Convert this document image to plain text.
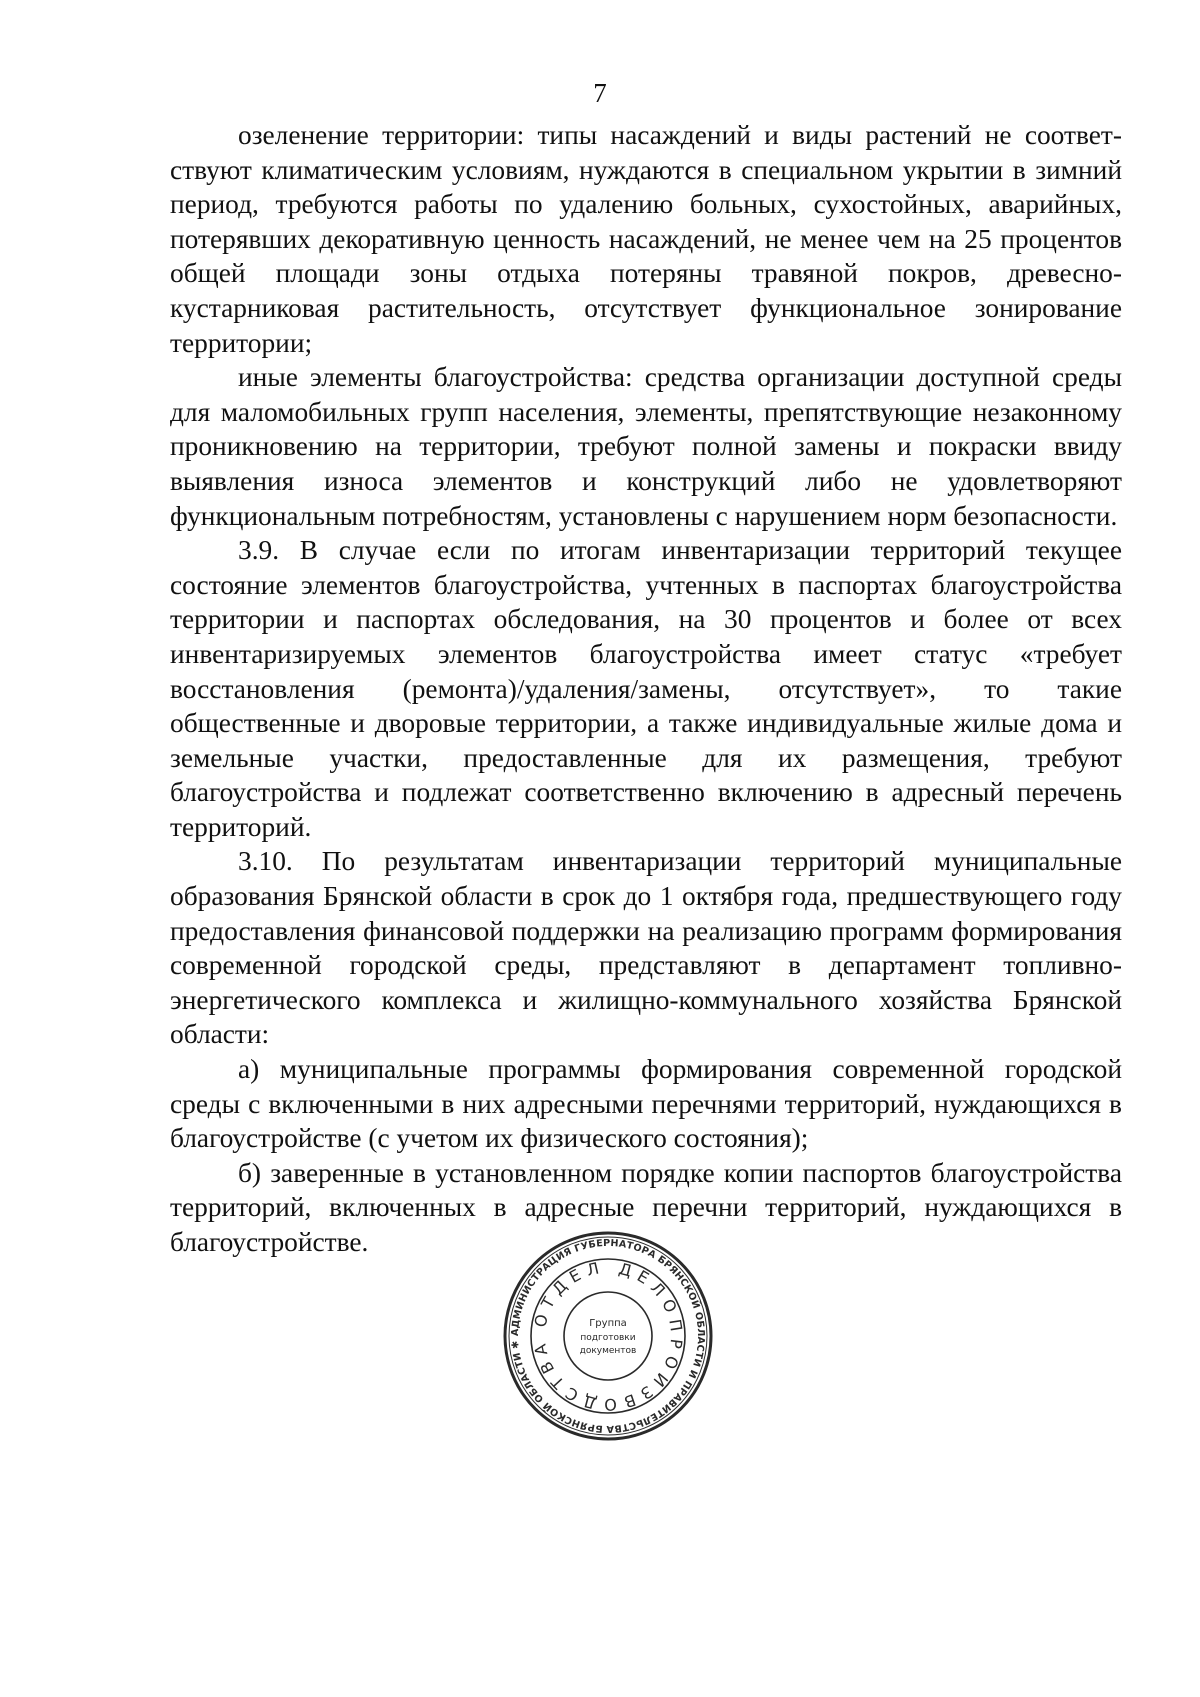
7

озеленение территории: типы насаждений и виды растений не соответствуют климатическим условиям, нуждаются в специальном укрытии в зимний период, требуются работы по удалению больных, сухостойных, аварийных, потерявших декоративную ценность насаждений, не менее чем на 25 процентов общей площади зоны отдыха потеряны травяной покров, древесно-кустарниковая растительность, отсутствует функциональное зонирование территории;

иные элементы благоустройства: средства организации доступной среды для маломобильных групп населения, элементы, препятствующие незаконному проникновению на территории, требуют полной замены и покраски ввиду выявления износа элементов и конструкций либо не удовлетворяют функциональным потребностям, установлены с нарушением норм безопасности.

3.9. В случае если по итогам инвентаризации территорий текущее состояние элементов благоустройства, учтенных в паспортах благоустройства территории и паспортах обследования, на 30 процентов и более от всех инвентаризируемых элементов благоустройства имеет статус «требует восстановления (ремонта)/удаления/замены, отсутствует», то такие общественные и дворовые территории, а также индивидуальные жилые дома и земельные участки, предоставленные для их размещения, требуют благоустройства и подлежат соответственно включению в адресный перечень территорий.

3.10. По результатам инвентаризации территорий муниципальные образования Брянской области в срок до 1 октября года, предшествующего году предоставления финансовой поддержки на реализацию программ формирования современной городской среды, представляют в департамент топливно-энергетического комплекса и жилищно-коммунального хозяйства Брянской области:

а) муниципальные программы формирования современной городской среды с включенными в них адресными перечнями территорий, нуждающихся в благоустройстве (с учетом их физического состояния);

б) заверенные в установленном порядке копии паспортов благоустройства территорий, включенных в адресные перечни территорий, нуждающихся в благоустройстве.

АДМИНИСТРАЦИЯ ГУБЕРНАТОРА БРЯНСКОЙ ОБЛАСТИ И ПРАВИТЕЛЬСТВА БРЯНСКОЙ ОБЛАСТИ ✱
ОТДЕЛ ДЕЛОПРОИЗВОДСТВА
Группа
подготовки
документов
